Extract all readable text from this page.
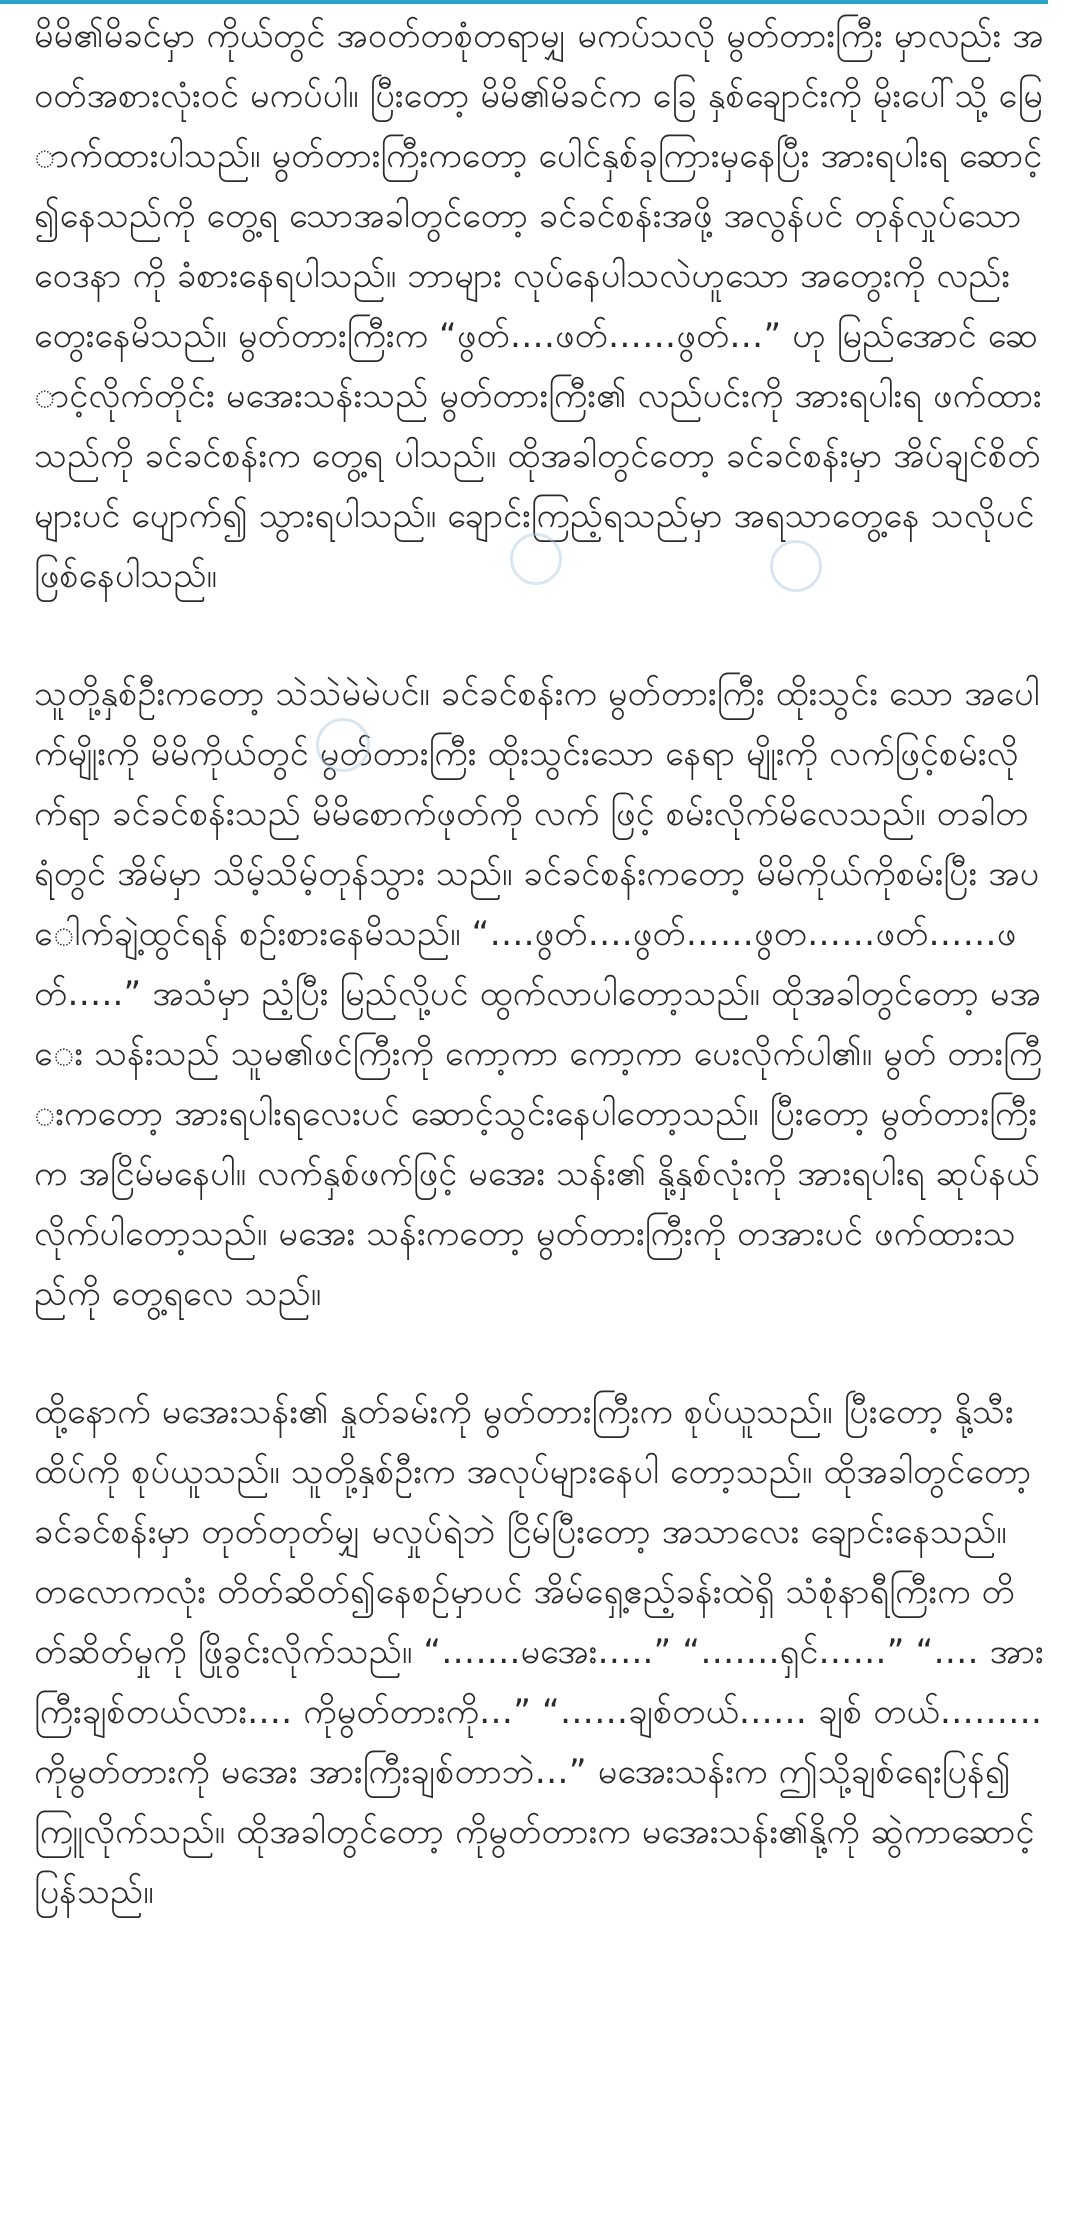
မိမိ၏မိခင်မှာ ကိုယ်တွင် အဝတ်တစုံတရာမျှ မကပ်သလို မွတ်တားကြီး မှာလည်း အဝတ်အစားလုံးဝင် မကပ်ပါ။ ပြီးတော့ မိမိ၏မိခင်က ခြေ နှစ်ချောင်းကို မိုးပေါ်သို့ မြောက်ထားပါသည်။ မွတ်တားကြီးကတော့ ပေါင်နှစ်ခုကြားမှနေပြီး အားရပါးရ ဆောင့်၍နေသည်ကို တွေ့ရ သောအခါတွင်တော့ ခင်ခင်စန်းအဖို့ အလွန်ပင် တုန်လှုပ်သော ဝေဒနာ ကို ခံစားနေရပါသည်။ ဘာများ လုပ်နေပါသလဲဟူသော အတွေးကို လည်း တွေးနေမိသည်။ မွတ်တားကြီးက “ဖွတ်….ဖတ်……ဖွတ်…” ဟု မြည်အောင် ဆောင့်လိုက်တိုင်း မအေးသန်းသည် မွတ်တားကြီး၏ လည်ပင်းကို အားရပါးရ ဖက်ထား သည်ကို ခင်ခင်စန်းက တွေ့ရ ပါသည်။ ထိုအခါတွင်တော့ ခင်ခင်စန်းမှာ အိပ်ချင်စိတ်များပင် ပျောက်၍ သွားရပါသည်။ ချောင်းကြည့်ရသည်မှာ အရသာတွေ့နေ သလိုပင် ဖြစ်နေပါသည်။

သူတို့နှစ်ဦးကတော့ သဲသဲမဲမဲပင်။ ခင်ခင်စန်းက မွတ်တားကြီး ထိုးသွင်း သော အပေါက်မျိုးကို မိမိကိုယ်တွင် မွတ်တားကြီး ထိုးသွင်းသော နေရာ မျိုးကို လက်ဖြင့်စမ်းလိုက်ရာ ခင်ခင်စန်းသည် မိမိစောက်ဖုတ်ကို လက် ဖြင့် စမ်းလိုက်မိလေသည်။ တခါတရံတွင် အိမ်မှာ သိမ့်သိမ့်တုန်သွား သည်။ ခင်ခင်စန်းကတော့ မိမိကိုယ်ကိုစမ်းပြီး အပေါက်ချဲ့ထွင်ရန် စဉ်းစားနေမိသည်။ “….ဖွတ်….ဖွတ်……ဖွတ……ဖတ်……ဖတ်…..” အသံမှာ ညံ့ပြီး မြည်လို့ပင် ထွက်လာပါတော့သည်။ ထိုအခါတွင်တော့ မအေး သန်းသည် သူမ၏ဖင်ကြီးကို ကော့ကာ ကော့ကာ ပေးလိုက်ပါ၏။ မွတ် တားကြီးကတော့ အားရပါးရလေးပင် ဆောင့်သွင်းနေပါတော့သည်။ ပြီးတော့ မွတ်တားကြီးက အငြိမ်မနေပါ။ လက်နှစ်ဖက်ဖြင့် မအေး သန်း၏ နို့နှစ်လုံးကို အားရပါးရ ဆုပ်နယ်လိုက်ပါတော့သည်။ မအေး သန်းကတော့ မွတ်တားကြီးကို တအားပင် ဖက်ထားသည်ကို တွေ့ရလေ သည်။

ထို့နောက် မအေးသန်း၏ နှုတ်ခမ်းကို မွတ်တားကြီးက စုပ်ယူသည်။ ပြီးတော့ နို့သီးထိပ်ကို စုပ်ယူသည်။ သူတို့နှစ်ဦးက အလုပ်များနေပါ တော့သည်။ ထိုအခါတွင်တော့ ခင်ခင်စန်းမှာ တုတ်တုတ်မျှ မလှုပ်ရဲဘဲ ငြိမ်ပြီးတော့ အသာလေး ချောင်းနေသည်။ တလောကလုံး တိတ်ဆိတ်၍နေစဉ်မှာပင် အိမ်ရှေ့ဧည့်ခန်းထဲရှိ သံစုံနာရီကြီးက တိတ်ဆိတ်မှုကို ဖြိုခွင်းလိုက်သည်။ “…….မအေး…..” “…….ရှင်……” “…. အားကြီးချစ်တယ်လား…. ကိုမွတ်တားကို…” “……ချစ်တယ်…… ချစ် တယ်……… ကိုမွတ်တားကို မအေး အားကြီးချစ်တာဘဲ…” မအေးသန်းက ဤသို့ချစ်ရေးပြန်၍ ကြူလိုက်သည်။ ထိုအခါတွင်တော့ ကိုမွတ်တားက မအေးသန်း၏နို့ကို ဆွဲကာဆောင့်ပြန်သည်။
